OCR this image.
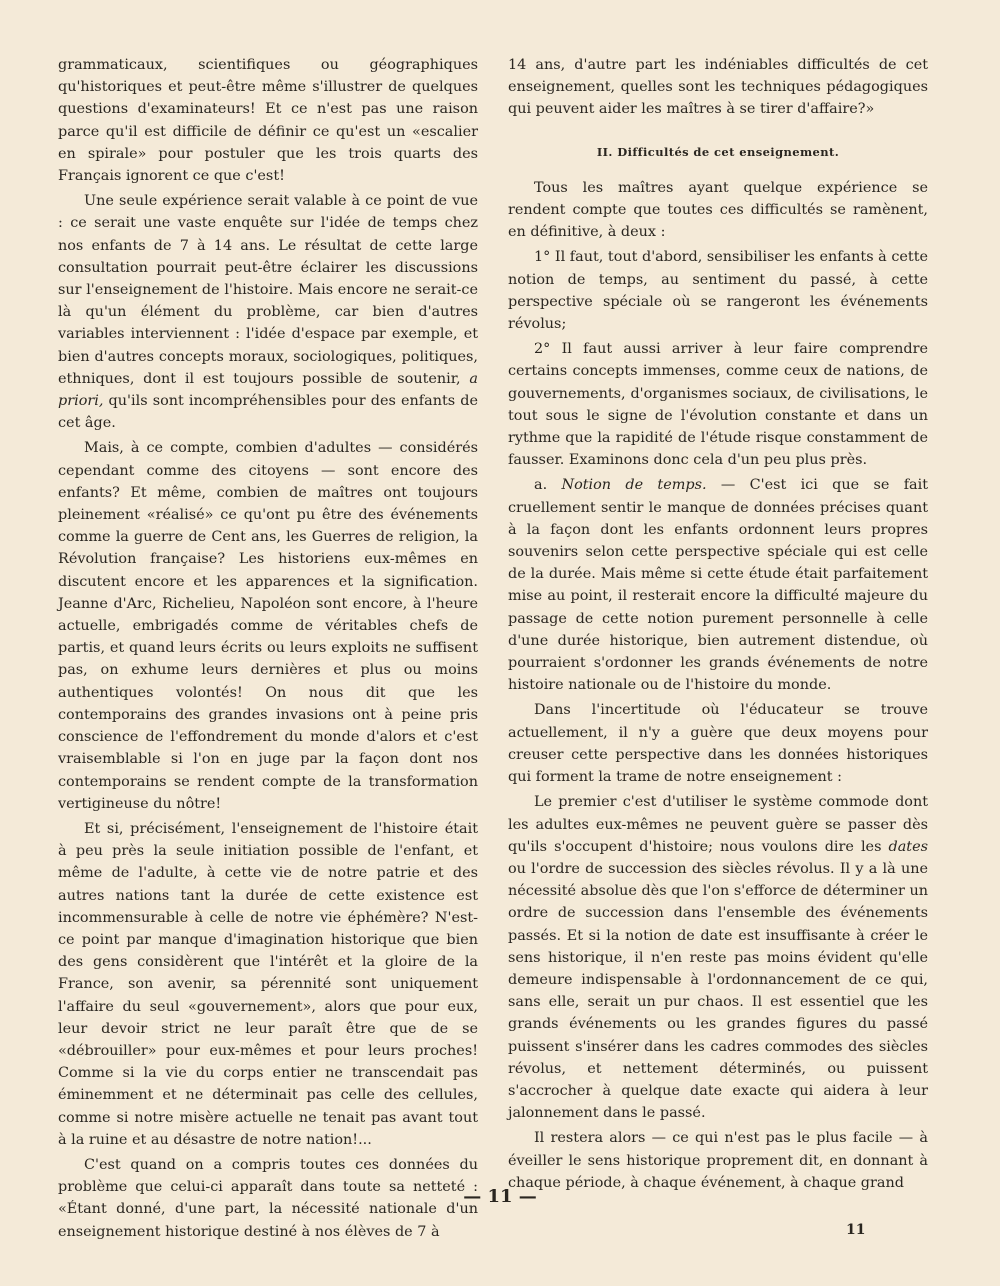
grammaticaux, scientifiques ou géographiques qu'historiques et peut-être même s'illustrer de quelques questions d'examinateurs! Et ce n'est pas une raison parce qu'il est difficile de définir ce qu'est un «escalier en spirale» pour postuler que les trois quarts des Français ignorent ce que c'est!

Une seule expérience serait valable à ce point de vue : ce serait une vaste enquête sur l'idée de temps chez nos enfants de 7 à 14 ans. Le résultat de cette large consultation pourrait peut-être éclairer les discussions sur l'enseignement de l'histoire. Mais encore ne serait-ce là qu'un élément du problème, car bien d'autres variables interviennent : l'idée d'espace par exemple, et bien d'autres concepts moraux, sociologiques, politiques, ethniques, dont il est toujours possible de soutenir, a priori, qu'ils sont incompréhensibles pour des enfants de cet âge.

Mais, à ce compte, combien d'adultes — considérés cependant comme des citoyens — sont encore des enfants? Et même, combien de maîtres ont toujours pleinement «réalisé» ce qu'ont pu être des événements comme la guerre de Cent ans, les Guerres de religion, la Révolution française? Les historiens eux-mêmes en discutent encore et les apparences et la signification. Jeanne d'Arc, Richelieu, Napoléon sont encore, à l'heure actuelle, embrigadés comme de véritables chefs de partis, et quand leurs écrits ou leurs exploits ne suffisent pas, on exhume leurs dernières et plus ou moins authentiques volontés! On nous dit que les contemporains des grandes invasions ont à peine pris conscience de l'effondrement du monde d'alors et c'est vraisemblable si l'on en juge par la façon dont nos contemporains se rendent compte de la transformation vertigineuse du nôtre!

Et si, précisément, l'enseignement de l'histoire était à peu près la seule initiation possible de l'enfant, et même de l'adulte, à cette vie de notre patrie et des autres nations tant la durée de cette existence est incommensurable à celle de notre vie éphémère? N'est-ce point par manque d'imagination historique que bien des gens considèrent que l'intérêt et la gloire de la France, son avenir, sa pérennité sont uniquement l'affaire du seul «gouvernement», alors que pour eux, leur devoir strict ne leur paraît être que de se «débrouiller» pour eux-mêmes et pour leurs proches! Comme si la vie du corps entier ne transcendait pas éminemment et ne déterminait pas celle des cellules, comme si notre misère actuelle ne tenait pas avant tout à la ruine et au désastre de notre nation!...

C'est quand on a compris toutes ces données du problème que celui-ci apparaît dans toute sa netteté : «Étant donné, d'une part, la nécessité nationale d'un enseignement historique destiné à nos élèves de 7 à

14 ans, d'autre part les indéniables difficultés de cet enseignement, quelles sont les techniques pédagogiques qui peuvent aider les maîtres à se tirer d'affaire?»

II. Difficultés de cet enseignement.

Tous les maîtres ayant quelque expérience se rendent compte que toutes ces difficultés se ramènent, en définitive, à deux :

1° Il faut, tout d'abord, sensibiliser les enfants à cette notion de temps, au sentiment du passé, à cette perspective spéciale où se rangeront les événements révolus;

2° Il faut aussi arriver à leur faire comprendre certains concepts immenses, comme ceux de nations, de gouvernements, d'organismes sociaux, de civilisations, le tout sous le signe de l'évolution constante et dans un rythme que la rapidité de l'étude risque constamment de fausser. Examinons donc cela d'un peu plus près.

a. Notion de temps. — C'est ici que se fait cruellement sentir le manque de données précises quant à la façon dont les enfants ordonnent leurs propres souvenirs selon cette perspective spéciale qui est celle de la durée. Mais même si cette étude était parfaitement mise au point, il resterait encore la difficulté majeure du passage de cette notion purement personnelle à celle d'une durée historique, bien autrement distendue, où pourraient s'ordonner les grands événements de notre histoire nationale ou de l'histoire du monde.

Dans l'incertitude où l'éducateur se trouve actuellement, il n'y a guère que deux moyens pour creuser cette perspective dans les données historiques qui forment la trame de notre enseignement :

Le premier c'est d'utiliser le système commode dont les adultes eux-mêmes ne peuvent guère se passer dès qu'ils s'occupent d'histoire; nous voulons dire les dates ou l'ordre de succession des siècles révolus. Il y a là une nécessité absolue dès que l'on s'efforce de déterminer un ordre de succession dans l'ensemble des événements passés. Et si la notion de date est insuffisante à créer le sens historique, il n'en reste pas moins évident qu'elle demeure indispensable à l'ordonnancement de ce qui, sans elle, serait un pur chaos. Il est essentiel que les grands événements ou les grandes figures du passé puissent s'insérer dans les cadres commodes des siècles révolus, et nettement déterminés, ou puissent s'accrocher à quelque date exacte qui aidera à leur jalonnement dans le passé.

Il restera alors — ce qui n'est pas le plus facile — à éveiller le sens historique proprement dit, en donnant à chaque période, à chaque événement, à chaque grand

— 11 —
11
